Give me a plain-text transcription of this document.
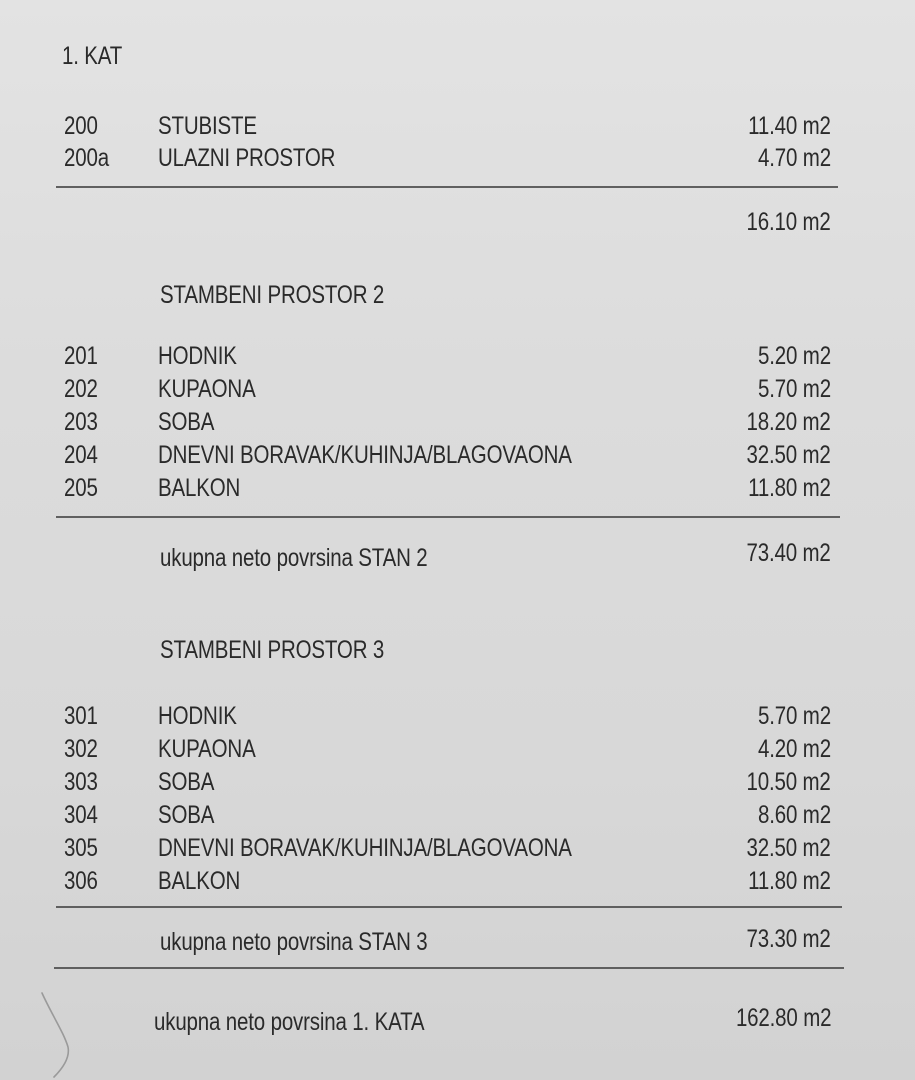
1. KAT
200 STUBISTE	11.40 m2
200a ULAZNI PROSTOR	4.70 m2
16.10 m2
STAMBENI PROSTOR 2
201 HODNIK	5.20 m2
202 KUPAONA	5.70 m2
203 SOBA	18.20 m2
204 DNEVNI BORAVAK/KUHINJA/BLAGOVAONA	32.50 m2
205 BALKON	11.80 m2
ukupna neto povrsina STAN 2	73.40 m2
STAMBENI PROSTOR 3
301 HODNIK	5.70 m2
302 KUPAONA	4.20 m2
303 SOBA	10.50 m2
304 SOBA	8.60 m2
305 DNEVNI BORAVAK/KUHINJA/BLAGOVAONA	32.50 m2
306 BALKON	11.80 m2
ukupna neto povrsina STAN 3	73.30 m2
ukupna neto povrsina 1. KATA	162.80 m2
